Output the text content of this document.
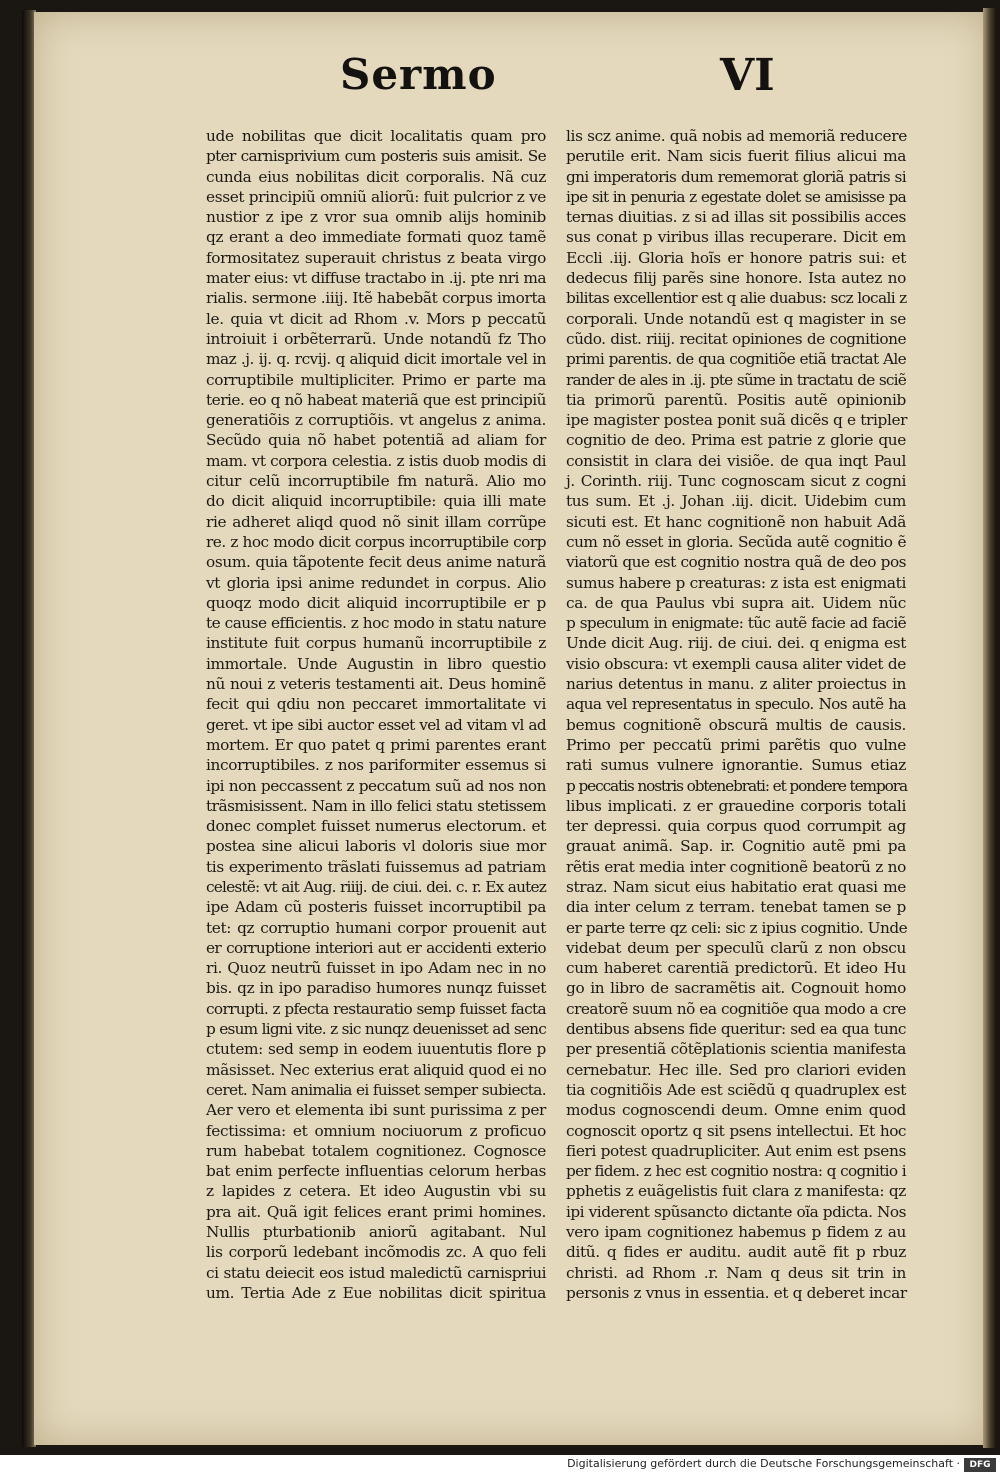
Sermo	VI
ude nobilitas que dicit localitatis quam pro
pter carnisprivium cum posteris suis amisit. Se
cunda eius nobilitas dicit corporalis. Nã cuz
esset principiũ omniũ aliorũ: fuit pulcrior z ve
nustior z ipe z vror sua omnib alijs hominib
qz erant a deo immediate formati quoz tamẽ
formositatez superauit christus z beata virgo
mater eius: vt diffuse tractabo in .ij. pte nri ma
rialis. sermone .iiij. Itẽ habebãt corpus imorta
le. quia vt dicit ad Rhom .v. Mors p peccatũ
introiuit i orbẽterrarũ. Unde notandũ fz Tho
maz .j. ij. q. rcvij. q aliquid dicit imortale vel in
corruptibile multipliciter. Primo er parte ma
terie. eo q nõ habeat materiã que est principiũ
generatiõis z corruptiõis. vt angelus z anima.
Secũdo quia nõ habet potentiã ad aliam for
mam. vt corpora celestia. z istis duob modis di
citur celũ incorruptibile fm naturã. Alio mo
do dicit aliquid incorruptibile: quia illi mate
rie adheret aliqd quod nõ sinit illam corrũpe
re. z hoc modo dicit corpus incorruptibile corp
osum. quia tãpotente fecit deus anime naturã
vt gloria ipsi anime redundet in corpus. Alio
quoqz modo dicit aliquid incorruptibile er p
te cause efficientis. z hoc modo in statu nature
institute fuit corpus humanũ incorruptibile z
immortale. Unde Augustin in libro questio
nũ noui z veteris testamenti ait. Deus hominẽ
fecit qui qdiu non peccaret immortalitate vi
geret. vt ipe sibi auctor esset vel ad vitam vl ad
mortem. Er quo patet q primi parentes erant
incorruptibiles. z nos pariformiter essemus si
ipi non peccassent z peccatum suũ ad nos non
trãsmisissent. Nam in illo felici statu stetissem
donec complet fuisset numerus electorum. et
postea sine alicui laboris vl doloris siue mor
tis experimento trãslati fuissemus ad patriam
celestẽ: vt ait Aug. riiij. de ciui. dei. c. r. Ex autez
ipe Adam cũ posteris fuisset incorruptibil pa
tet: qz corruptio humani corpor prouenit aut
er corruptione interiori aut er accidenti exterio
ri. Quoz neutrũ fuisset in ipo Adam nec in no
bis. qz in ipo paradiso humores nunqz fuisset
corrupti. z pfecta restauratio semp fuisset facta
p esum ligni vite. z sic nunqz deuenisset ad senc
ctutem: sed semp in eodem iuuentutis flore p
mãsisset. Nec exterius erat aliquid quod ei no
ceret. Nam animalia ei fuisset semper subiecta.
Aer vero et elementa ibi sunt purissima z per
fectissima: et omnium nociuorum z proficuo
rum habebat totalem cognitionez. Cognosce
bat enim perfecte influentias celorum herbas
z lapides z cetera. Et ideo Augustin vbi su
pra ait. Quã igit felices erant primi homines.
Nullis pturbationib aniorũ agitabant. Nul
lis corporũ ledebant incõmodis zc. A quo feli
ci statu deiecit eos istud maledictũ carnispriui
um. Tertia Ade z Eue nobilitas dicit spiritua
lis scz anime. quã nobis ad memoriã reducere
perutile erit. Nam sicis fuerit filius alicui ma
gni imperatoris dum rememorat gloriã patris si
ipe sit in penuria z egestate dolet se amisisse pa
ternas diuitias. z si ad illas sit possibilis acces
sus conat p viribus illas recuperare. Dicit em
Eccli .iij. Gloria hoĩs er honore patris sui: et
dedecus filij parẽs sine honore. Ista autez no
bilitas excellentior est q alie duabus: scz locali z
corporali. Unde notandũ est q magister in se
cũdo. dist. riiij. recitat opiniones de cognitione
primi parentis. de qua cognitiõe etiã tractat Ale
rander de ales in .ij. pte sũme in tractatu de sciẽ
tia primorũ parentũ. Positis autẽ opinionib
ipe magister postea ponit suã dicẽs q e tripler
cognitio de deo. Prima est patrie z glorie que
consistit in clara dei visiõe. de qua inqt Paul
j. Corinth. riij. Tunc cognoscam sicut z cogni
tus sum. Et .j. Johan .iij. dicit. Uidebim cum
sicuti est. Et hanc cognitionẽ non habuit Adã
cum nõ esset in gloria. Secũda autẽ cognitio ẽ
viatorũ que est cognitio nostra quã de deo pos
sumus habere p creaturas: z ista est enigmati
ca. de qua Paulus vbi supra ait. Uidem nũc
p speculum in enigmate: tũc autẽ facie ad faciẽ
Unde dicit Aug. riij. de ciui. dei. q enigma est
visio obscura: vt exempli causa aliter videt de
narius detentus in manu. z aliter proiectus in
aqua vel representatus in speculo. Nos autẽ ha
bemus cognitionẽ obscurã multis de causis.
Primo per peccatũ primi parẽtis quo vulne
rati sumus vulnere ignorantie. Sumus etiaz
p peccatis nostris obtenebrati: et pondere tempora
libus implicati. z er grauedine corporis totali
ter depressi. quia corpus quod corrumpit ag
grauat animã. Sap. ir. Cognitio autẽ pmi pa
rẽtis erat media inter cognitionẽ beatorũ z no
straz. Nam sicut eius habitatio erat quasi me
dia inter celum z terram. tenebat tamen se p
er parte terre qz celi: sic z ipius cognitio. Unde
videbat deum per speculũ clarũ z non obscu
cum haberet carentiã predictorũ. Et ideo Hu
go in libro de sacramẽtis ait. Cognouit homo
creatorẽ suum nõ ea cognitiõe qua modo a cre
dentibus absens fide queritur: sed ea qua tunc
per presentiã cõtẽplationis scientia manifesta
cernebatur. Hec ille. Sed pro clariori eviden
tia cognitiõis Ade est sciẽdũ q quadruplex est
modus cognoscendi deum. Omne enim quod
cognoscit oportz q sit psens intellectui. Et hoc
fieri potest quadrupliciter. Aut enim est psens
per fidem. z hec est cognitio nostra: q cognitio i
pphetis z euãgelistis fuit clara z manifesta: qz
ipi viderent spũsancto dictante oĩa pdicta. Nos
vero ipam cognitionez habemus p fidem z au
ditũ. q fides er auditu. audit autẽ fit p rbuz
christi. ad Rhom .r. Nam q deus sit trin in
personis z vnus in essentia. et q deberet incar
Digitalisierung gefördert durch die Deutsche Forschungsgemeinschaft ·	DFG
